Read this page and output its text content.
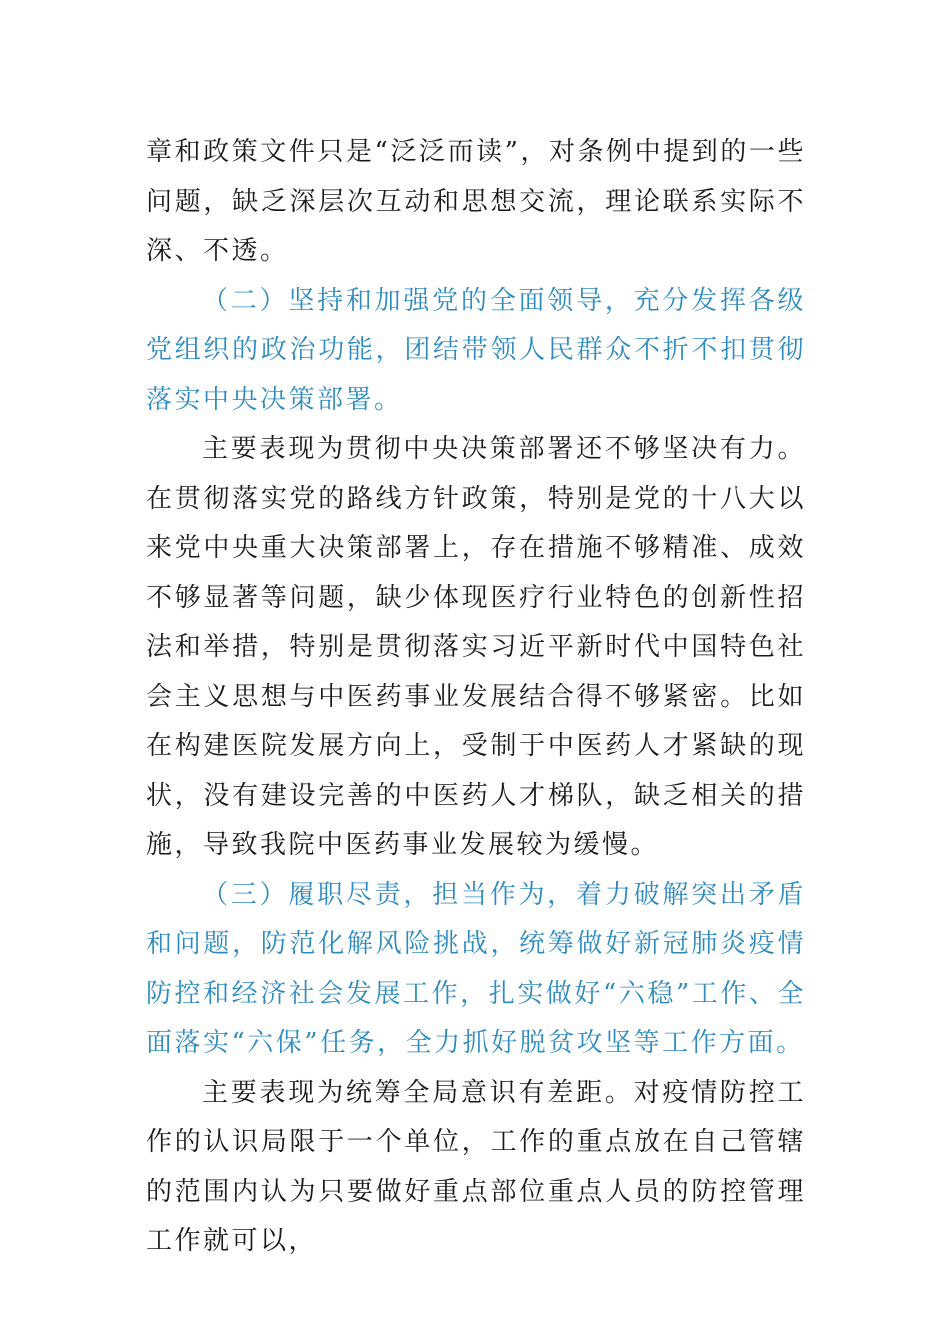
章和政策文件只是“泛泛而读”，对条例中提到的一些问题，缺乏深层次互动和思想交流，理论联系实际不深、不透。

（二）坚持和加强党的全面领导，充分发挥各级党组织的政治功能，团结带领人民群众不折不扣贯彻落实中央决策部署。

主要表现为贯彻中央决策部署还不够坚决有力。在贯彻落实党的路线方针政策，特别是党的十八大以来党中央重大决策部署上，存在措施不够精准、成效不够显著等问题，缺少体现医疗行业特色的创新性招法和举措，特别是贯彻落实习近平新时代中国特色社会主义思想与中医药事业发展结合得不够紧密。比如在构建医院发展方向上，受制于中医药人才紧缺的现状，没有建设完善的中医药人才梯队，缺乏相关的措施，导致我院中医药事业发展较为缓慢。

（三）履职尽责，担当作为，着力破解突出矛盾和问题，防范化解风险挑战，统筹做好新冠肺炎疫情防控和经济社会发展工作，扎实做好“六稳”工作、全面落实“六保”任务，全力抓好脱贫攻坚等工作方面。

主要表现为统筹全局意识有差距。对疫情防控工作的认识局限于一个单位，工作的重点放在自己管辖的范围内认为只要做好重点部位重点人员的防控管理工作就可以，
